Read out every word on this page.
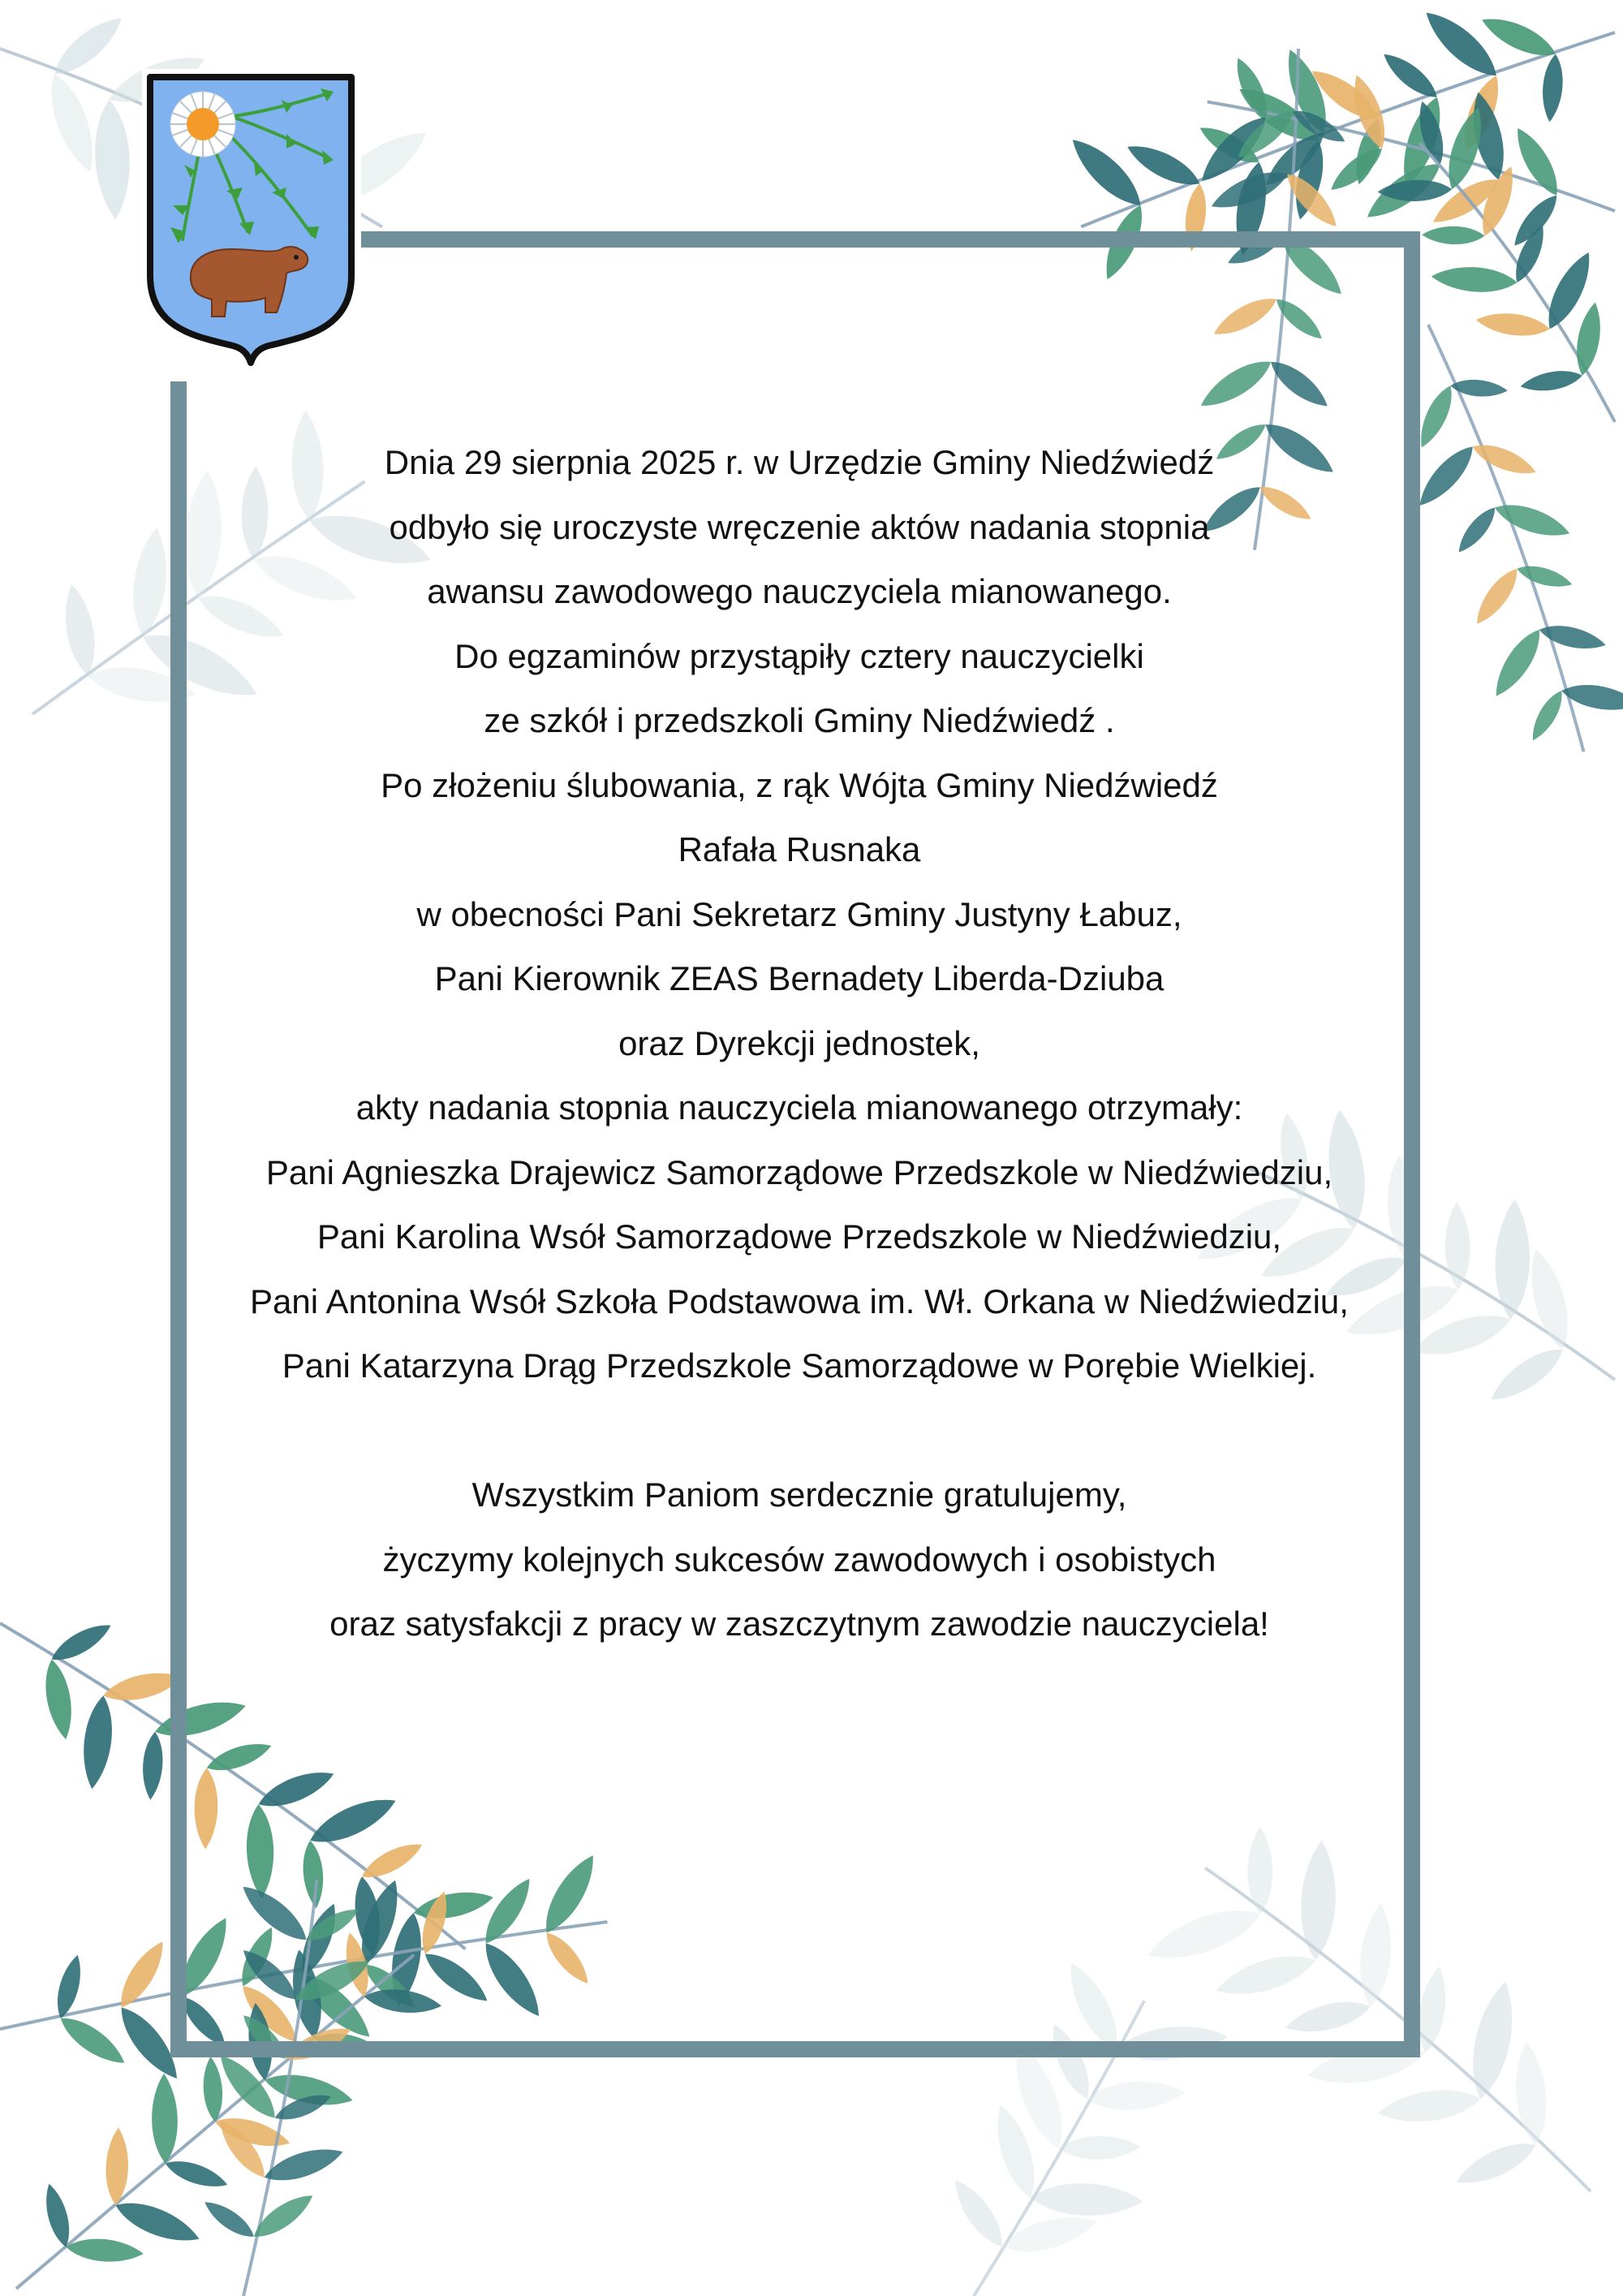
Dnia 29 sierpnia 2025 r. w Urzędzie Gminy Niedźwiedź

odbyło się uroczyste wręczenie aktów nadania stopnia

awansu zawodowego nauczyciela mianowanego.

Do egzaminów przystąpiły cztery nauczycielki

ze szkół i przedszkoli Gminy Niedźwiedź .

Po złożeniu ślubowania, z rąk Wójta Gminy Niedźwiedź

Rafała Rusnaka

w obecności Pani Sekretarz Gminy Justyny Łabuz,

Pani Kierownik ZEAS Bernadety Liberda-Dziuba

oraz Dyrekcji jednostek,

akty nadania stopnia nauczyciela mianowanego otrzymały:

Pani Agnieszka Drajewicz Samorządowe Przedszkole w Niedźwiedziu,

Pani Karolina Wsół Samorządowe Przedszkole w Niedźwiedziu,

Pani Antonina Wsół Szkoła Podstawowa im. Wł. Orkana w Niedźwiedziu,

Pani Katarzyna Drąg Przedszkole Samorządowe w Porębie Wielkiej.

Wszystkim Paniom serdecznie gratulujemy,

życzymy kolejnych sukcesów zawodowych i osobistych

oraz satysfakcji z pracy w zaszczytnym zawodzie nauczyciela!
